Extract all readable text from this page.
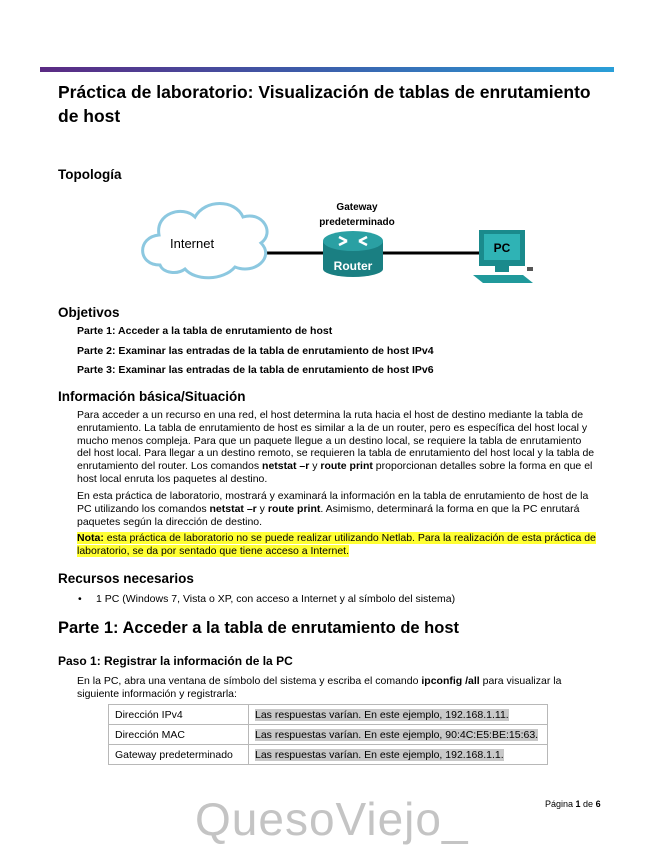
Práctica de laboratorio: Visualización de tablas de enrutamiento de host
Topología
Internet
Gateway
predeterminado
Router
PC
Objetivos
Parte 1: Acceder a la tabla de enrutamiento de host
Parte 2: Examinar las entradas de la tabla de enrutamiento de host IPv4
Parte 3: Examinar las entradas de la tabla de enrutamiento de host IPv6
Información básica/Situación

Para acceder a un recurso en una red, el host determina la ruta hacia el host de destino mediante la tabla de enrutamiento. La tabla de enrutamiento de host es similar a la de un router, pero es específica del host local y mucho menos compleja. Para que un paquete llegue a un destino local, se requiere la tabla de enrutamiento del host local. Para llegar a un destino remoto, se requieren la tabla de enrutamiento del host local y la tabla de enrutamiento del router. Los comandos netstat –r y route print proporcionan detalles sobre la forma en que el host local enruta los paquetes al destino.

En esta práctica de laboratorio, mostrará y examinará la información en la tabla de enrutamiento de host de la PC utilizando los comandos netstat –r y route print. Asimismo, determinará la forma en que la PC enrutará paquetes según la dirección de destino.

Nota: esta práctica de laboratorio no se puede realizar utilizando Netlab. Para la realización de esta práctica de laboratorio, se da por sentado que tiene acceso a Internet.

Recursos necesarios
• 1 PC (Windows 7, Vista o XP, con acceso a Internet y al símbolo del sistema)
Parte 1: Acceder a la tabla de enrutamiento de host
Paso 1: Registrar la información de la PC

En la PC, abra una ventana de símbolo del sistema y escriba el comando ipconfig /all para visualizar la siguiente información y registrarla:

Dirección IPv4	Las respuestas varían. En este ejemplo, 192.168.1.11.
Dirección MAC	Las respuestas varían. En este ejemplo, 90:4C:E5:BE:15:63.
Gateway predeterminado	Las respuestas varían. En este ejemplo, 192.168.1.1.
QuesoViejo_	Página 1 de 6
